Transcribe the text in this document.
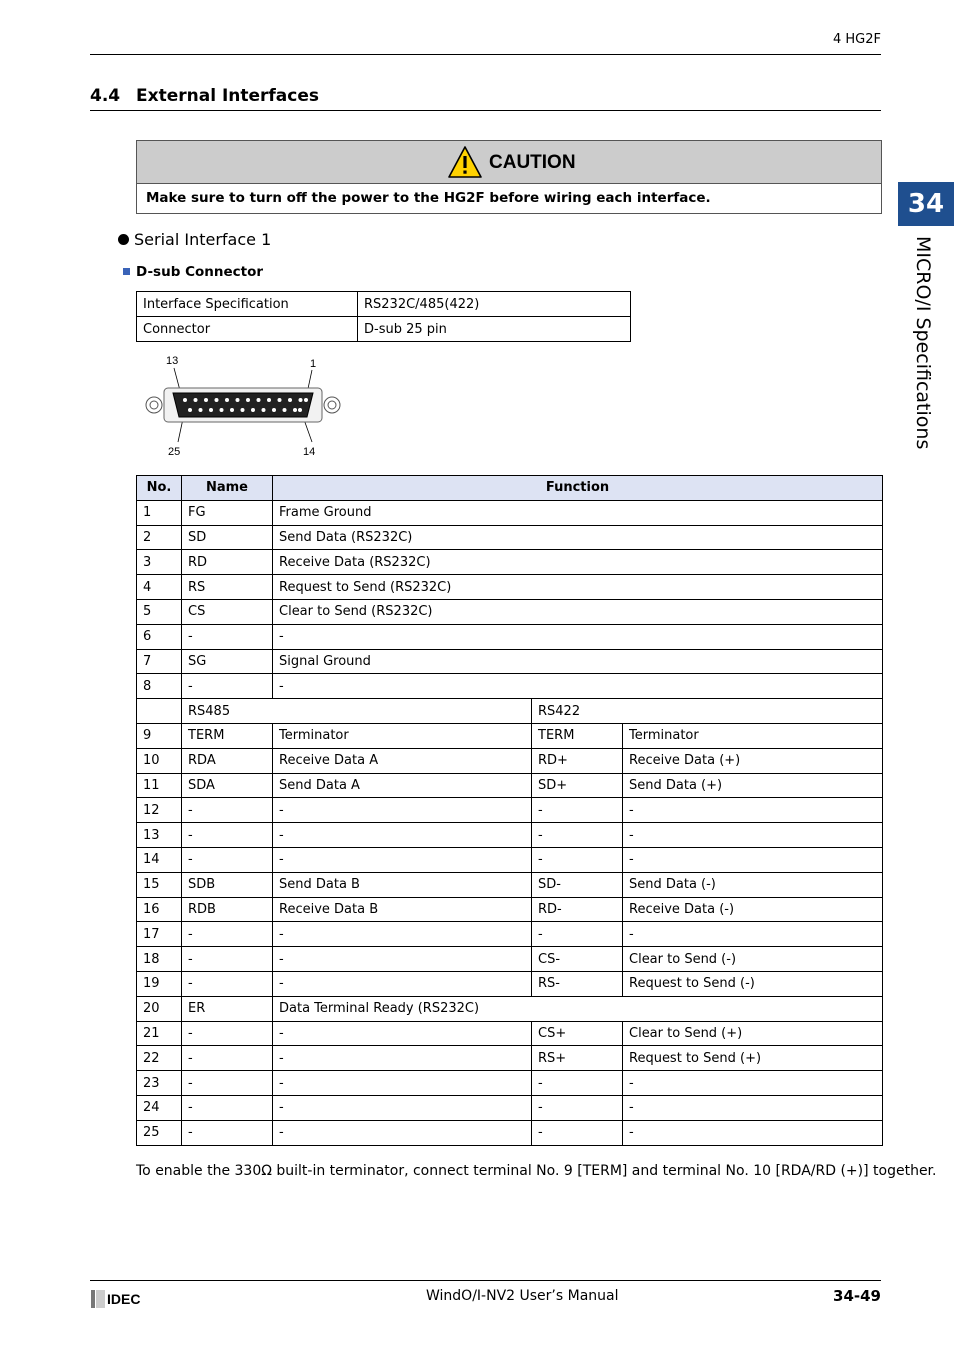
4 HG2F
4.4 External Interfaces
CAUTION
Make sure to turn off the power to the HG2F before wiring each interface.	34
MICRO/I Specifications
Serial Interface 1
D-sub Connector
Interface Specification	RS232C/485(422)
Connector	D-sub 25 pin
13	1
25	14
No.	Name	Function		
1	FG	Frame Ground		
2	SD	Send Data (RS232C)		
3	RD	Receive Data (RS232C)		
4	RS	Request to Send (RS232C)		
5	CS	Clear to Send (RS232C)		
6	-	-		
7	SG	Signal Ground		
8	-	-		
	RS485		RS422	
9	TERM	Terminator	TERM	Terminator
10	RDA	Receive Data A	RD+	Receive Data (+)
11	SDA	Send Data A	SD+	Send Data (+)
12	-	-	-	-
13	-	-	-	-
14	-	-	-	-
15	SDB	Send Data B	SD-	Send Data (-)
16	RDB	Receive Data B	RD-	Receive Data (-)
17	-	-	-	-
18	-	-	CS-	Clear to Send (-)
19	-	-	RS-	Request to Send (-)
20	ER	Data Terminal Ready (RS232C)		
21	-	-	CS+	Clear to Send (+)
22	-	-	RS+	Request to Send (+)
23	-	-	-	-
24	-	-	-	-
25	-	-	-	-
To enable the 330Ω built-in terminator, connect terminal No. 9 [TERM] and terminal No. 10 [RDA/RD (+)] together.
IDEC	WindO/I-NV2 User’s Manual	34-49
